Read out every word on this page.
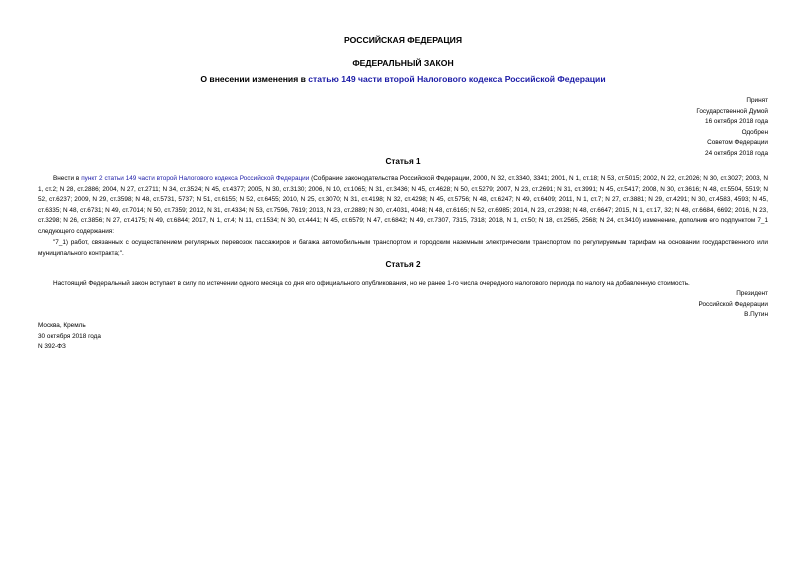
РОССИЙСКАЯ ФЕДЕРАЦИЯ
ФЕДЕРАЛЬНЫЙ ЗАКОН
О внесении изменения в статью 149 части второй Налогового кодекса Российской Федерации
Принят
Государственной Думой
16 октября 2018 года
Одобрен
Советом Федерации
24 октября 2018 года
Статья 1
Внести в пункт 2 статьи 149 части второй Налогового кодекса Российской Федерации (Собрание законодательства Российской Федерации, 2000, N 32, ст.3340, 3341; 2001, N 1, ст.18; N 53, ст.5015; 2002, N 22, ст.2026; N 30, ст.3027; 2003, N 1, ст.2; N 28, ст.2886; 2004, N 27, ст.2711; N 34, ст.3524; N 45, ст.4377; 2005, N 30, ст.3130; 2006, N 10, ст.1065; N 31, ст.3436; N 45, ст.4628; N 50, ст.5279; 2007, N 23, ст.2691; N 31, ст.3991; N 45, ст.5417; 2008, N 30, ст.3616; N 48, ст.5504, 5519; N 52, ст.6237; 2009, N 29, ст.3598; N 48, ст.5731, 5737; N 51, ст.6155; N 52, ст.6455; 2010, N 25, ст.3070; N 31, ст.4198; N 32, ст.4298; N 45, ст.5756; N 48, ст.6247; N 49, ст.6409; 2011, N 1, ст.7; N 27, ст.3881; N 29, ст.4291; N 30, ст.4583, 4593; N 45, ст.6335; N 48, ст.6731; N 49, ст.7014; N 50, ст.7359; 2012, N 31, ст.4334; N 53, ст.7596, 7619; 2013, N 23, ст.2889; N 30, ст.4031, 4048; N 48, ст.6165; N 52, ст.6985; 2014, N 23, ст.2938; N 48, ст.6647; 2015, N 1, ст.17, 32; N 48, ст.6684, 6692; 2016, N 23, ст.3298; N 26, ст.3856; N 27, ст.4175; N 49, ст.6844; 2017, N 1, ст.4; N 11, ст.1534; N 30, ст.4441; N 45, ст.6579; N 47, ст.6842; N 49, ст.7307, 7315, 7318; 2018, N 1, ст.50; N 18, ст.2565, 2568; N 24, ст.3410) изменение, дополнив его подпунктом 7_1 следующего содержания:
"7_1) работ, связанных с осуществлением регулярных перевозок пассажиров и багажа автомобильным транспортом и городским наземным электрическим транспортом по регулируемым тарифам на основании государственного или муниципального контракта;".
Статья 2
Настоящий Федеральный закон вступает в силу по истечении одного месяца со дня его официального опубликования, но не ранее 1-го числа очередного налогового периода по налогу на добавленную стоимость.
Президент
Российской Федерации
В.Путин
Москва, Кремль
30 октября 2018 года
N 392-ФЗ
